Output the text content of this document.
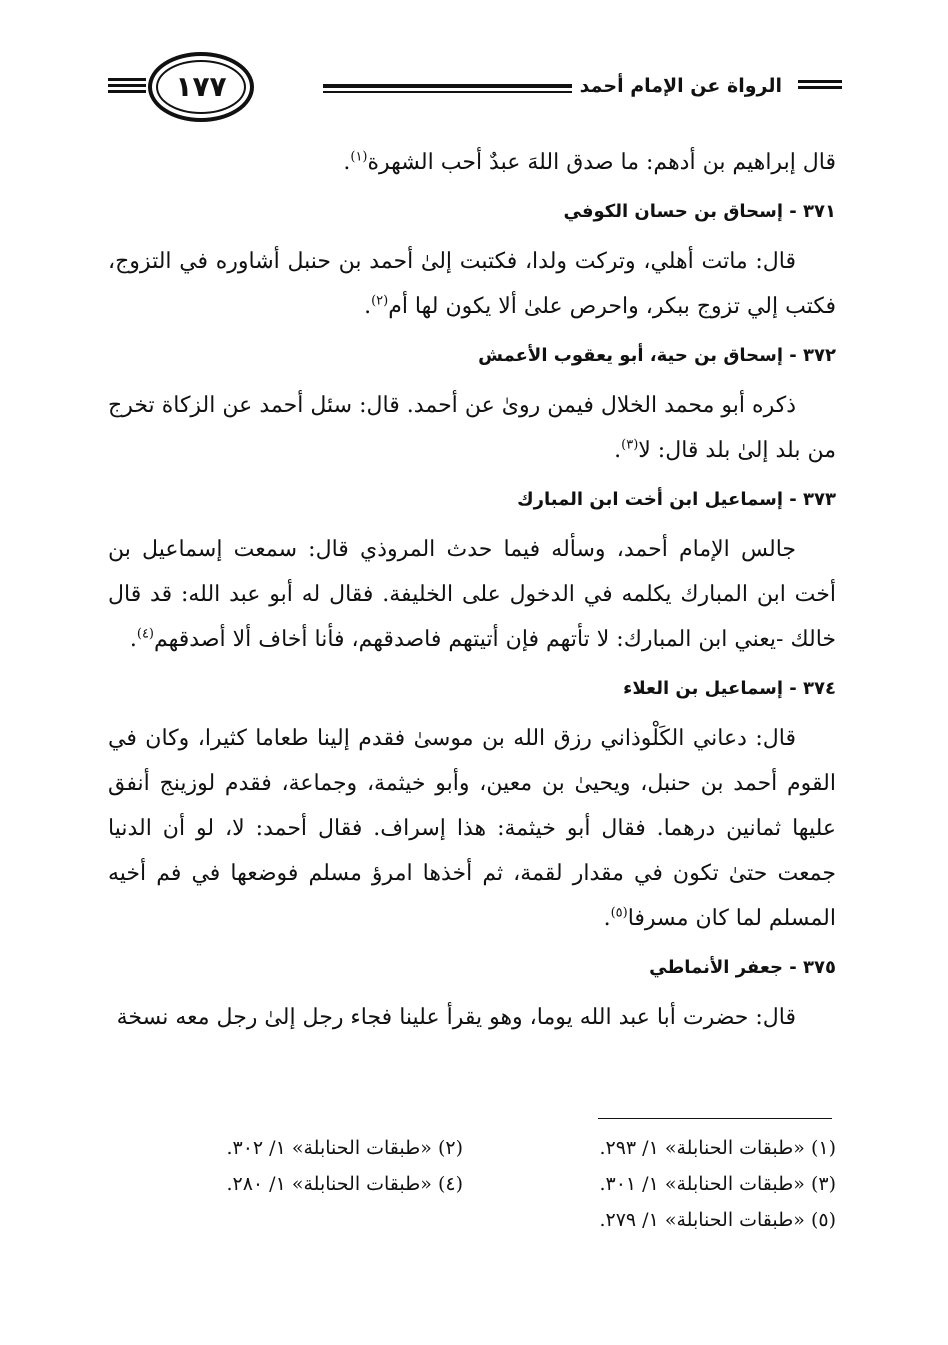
١٧٧	الرواة عن الإمام أحمد

قال إبراهيم بن أدهم: ما صدق اللهَ عبدٌ أحب الشهرة$^{(١)}$.

٣٧١ - إسحاق بن حسان الكوفي

قال: ماتت أهلي، وتركت ولدا، فكتبت إلىٰ أحمد بن حنبل أشاوره في التزوج، فكتب إلي تزوج ببكر، واحرص علىٰ ألا يكون لها أم$^{(٢)}$.

٣٧٢ - إسحاق بن حية، أبو يعقوب الأعمش

ذكره أبو محمد الخلال فيمن روىٰ عن أحمد. قال: سئل أحمد عن الزكاة تخرج من بلد إلىٰ بلد قال: لا$^{(٣)}$.

٣٧٣ - إسماعيل ابن أخت ابن المبارك

جالس الإمام أحمد، وسأله فيما حدث المروذي قال: سمعت إسماعيل بن أخت ابن المبارك يكلمه في الدخول على الخليفة. فقال له أبو عبد الله: قد قال خالك -يعني ابن المبارك: لا تأتهم فإن أتيتهم فاصدقهم، فأنا أخاف ألا أصدقهم$^{(٤)}$.

٣٧٤ - إسماعيل بن العلاء

قال: دعاني الكَلْوذاني رزق الله بن موسىٰ فقدم إلينا طعاما كثيرا، وكان في القوم أحمد بن حنبل، ويحيىٰ بن معين، وأبو خيثمة، وجماعة، فقدم لوزينج أنفق عليها ثمانين درهما. فقال أبو خيثمة: هذا إسراف. فقال أحمد: لا، لو أن الدنيا جمعت حتىٰ تكون في مقدار لقمة، ثم أخذها امرؤ مسلم فوضعها في فم أخيه المسلم لما كان مسرفا$^{(٥)}$.

٣٧٥ - جعفر الأنماطي

قال: حضرت أبا عبد الله يوما، وهو يقرأ علينا فجاء رجل إلىٰ رجل معه نسخة

(١) «طبقات الحنابلة» ١/ ٢٩٣.
(٢) «طبقات الحنابلة» ١/ ٣٠٢.
(٣) «طبقات الحنابلة» ١/ ٣٠١.
(٤) «طبقات الحنابلة» ١/ ٢٨٠.
(٥) «طبقات الحنابلة» ١/ ٢٧٩.
